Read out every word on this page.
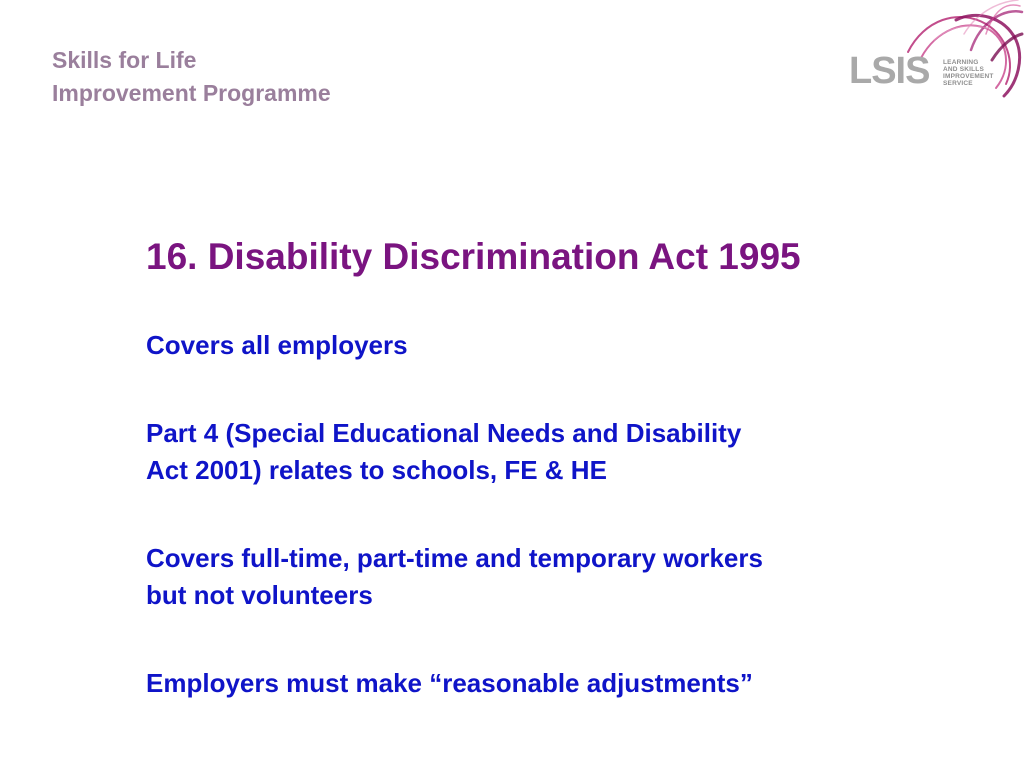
Skills for Life
Improvement Programme
LSIS LEARNING
AND SKILLS
IMPROVEMENT
SERVICE
16. Disability Discrimination Act 1995
Covers all employers
Part 4 (Special Educational Needs and Disability
Act 2001) relates to schools, FE & HE
Covers full-time, part-time and temporary workers
but not volunteers
Employers must make “reasonable adjustments”
